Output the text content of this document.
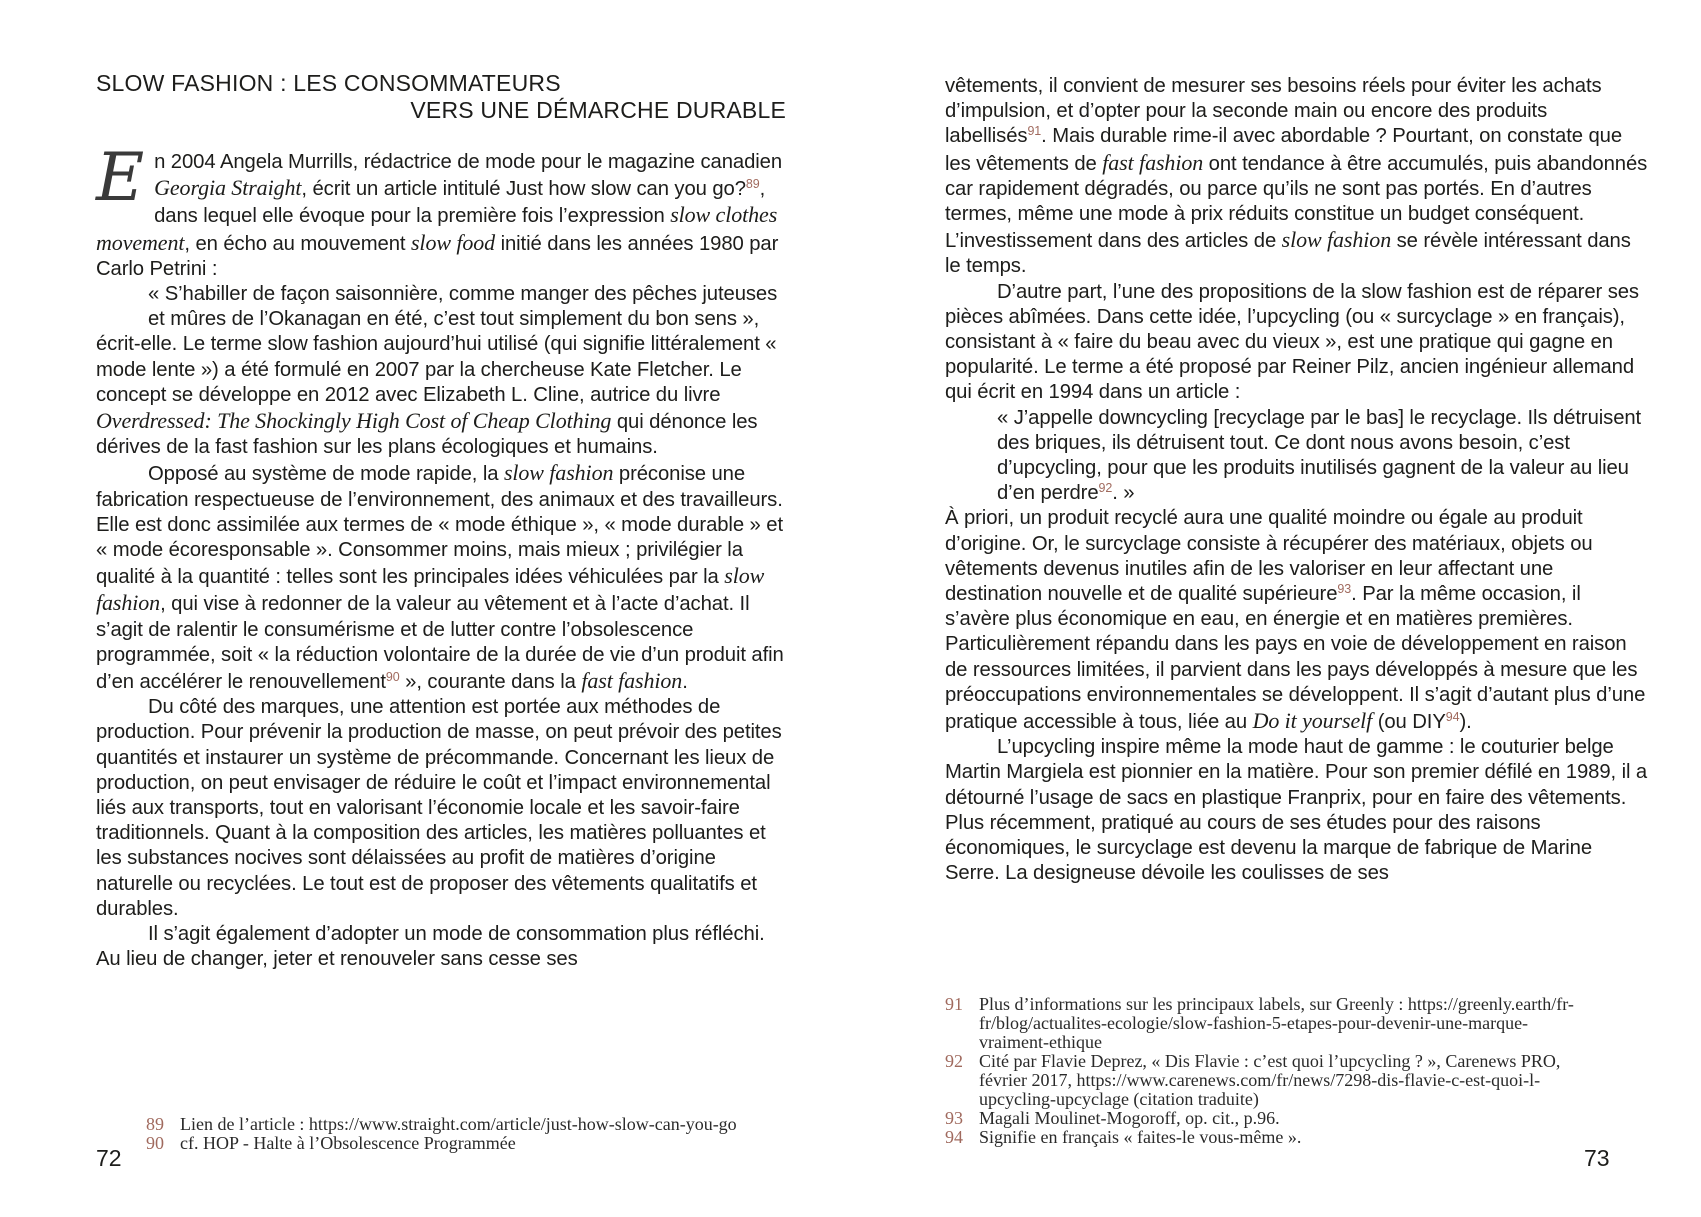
SLOW FASHION : LES CONSOMMATEURS
VERS UNE DÉMARCHE DURABLE

E n 2004 Angela Murrills, rédactrice de mode pour le magazine canadien Georgia Straight, écrit un article intitulé Just how slow can you go?$^{89}$, dans lequel elle évoque pour la première fois l’expression slow clothes movement, en écho au mouvement slow food initié dans les années 1980 par Carlo Petrini :

« S’habiller de façon saisonnière, comme manger des pêches juteuses et mûres de l’Okanagan en été, c’est tout simplement du bon sens »,

écrit-elle. Le terme slow fashion aujourd’hui utilisé (qui signifie littéralement « mode lente ») a été formulé en 2007 par la chercheuse Kate Fletcher. Le concept se développe en 2012 avec Elizabeth L. Cline, autrice du livre Overdressed: The Shockingly High Cost of Cheap Clothing qui dénonce les dérives de la fast fashion sur les plans écologiques et humains.

Opposé au système de mode rapide, la slow fashion préconise une fabrication respectueuse de l’environnement, des animaux et des travailleurs. Elle est donc assimilée aux termes de « mode éthique », « mode durable » et « mode écoresponsable ». Consommer moins, mais mieux ; privilégier la qualité à la quantité : telles sont les principales idées véhiculées par la slow fashion, qui vise à redonner de la valeur au vêtement et à l’acte d’achat. Il s’agit de ralentir le consumérisme et de lutter contre l’obsolescence programmée, soit « la réduction volontaire de la durée de vie d’un produit afin d’en accélérer le renouvellement$^{90}$ », courante dans la fast fashion.

Du côté des marques, une attention est portée aux méthodes de production. Pour prévenir la production de masse, on peut prévoir des petites quantités et instaurer un système de précommande. Concernant les lieux de production, on peut envisager de réduire le coût et l’impact environnemental liés aux transports, tout en valorisant l’économie locale et les savoir-faire traditionnels. Quant à la composition des articles, les matières polluantes et les substances nocives sont délaissées au profit de matières d’origine naturelle ou recyclées. Le tout est de proposer des vêtements qualitatifs et durables.

Il s’agit également d’adopter un mode de consommation plus réfléchi. Au lieu de changer, jeter et renouveler sans cesse ses

89 Lien de l’article : https://www.straight.com/article/just-how-slow-can-you-go

90 cf. HOP - Halte à l’Obsolescence Programmée

72

vêtements, il convient de mesurer ses besoins réels pour éviter les achats d’impulsion, et d’opter pour la seconde main ou encore des produits labellisés$^{91}$. Mais durable rime-il avec abordable ? Pourtant, on constate que les vêtements de fast fashion ont tendance à être accumulés, puis abandonnés car rapidement dégradés, ou parce qu’ils ne sont pas portés. En d’autres termes, même une mode à prix réduits constitue un budget conséquent. L’investissement dans des articles de slow fashion se révèle intéressant dans le temps.

D’autre part, l’une des propositions de la slow fashion est de réparer ses pièces abîmées. Dans cette idée, l’upcycling (ou « surcyclage » en français), consistant à « faire du beau avec du vieux », est une pratique qui gagne en popularité. Le terme a été proposé par Reiner Pilz, ancien ingénieur allemand qui écrit en 1994 dans un article :

« J’appelle downcycling [recyclage par le bas] le recyclage. Ils détruisent des briques, ils détruisent tout. Ce dont nous avons besoin, c’est d’upcycling, pour que les produits inutilisés gagnent de la valeur au lieu d’en perdre$^{92}$. »

À priori, un produit recyclé aura une qualité moindre ou égale au produit d’origine. Or, le surcyclage consiste à récupérer des matériaux, objets ou vêtements devenus inutiles afin de les valoriser en leur affectant une destination nouvelle et de qualité supérieure$^{93}$. Par la même occasion, il s’avère plus économique en eau, en énergie et en matières premières. Particulièrement répandu dans les pays en voie de développement en raison de ressources limitées, il parvient dans les pays développés à mesure que les préoccupations environnementales se développent. Il s’agit d’autant plus d’une pratique accessible à tous, liée au Do it yourself (ou DIY$^{94}$).

L’upcycling inspire même la mode haut de gamme : le couturier belge Martin Margiela est pionnier en la matière. Pour son premier défilé en 1989, il a détourné l’usage de sacs en plastique Franprix, pour en faire des vêtements. Plus récemment, pratiqué au cours de ses études pour des raisons économiques, le surcyclage est devenu la marque de fabrique de Marine Serre. La designeuse dévoile les coulisses de ses

91 Plus d’informations sur les principaux labels, sur Greenly : https://greenly.earth/fr-fr/blog/actualites-ecologie/slow-fashion-5-etapes-pour-devenir-une-marque-vraiment-ethique

92 Cité par Flavie Deprez, « Dis Flavie : c’est quoi l’upcycling ? », Carenews PRO, février 2017, https://www.carenews.com/fr/news/7298-dis-flavie-c-est-quoi-l-upcycling-upcyclage (citation traduite)

93 Magali Moulinet-Mogoroff, op. cit., p.96.

94 Signifie en français « faites-le vous-même ».

73
